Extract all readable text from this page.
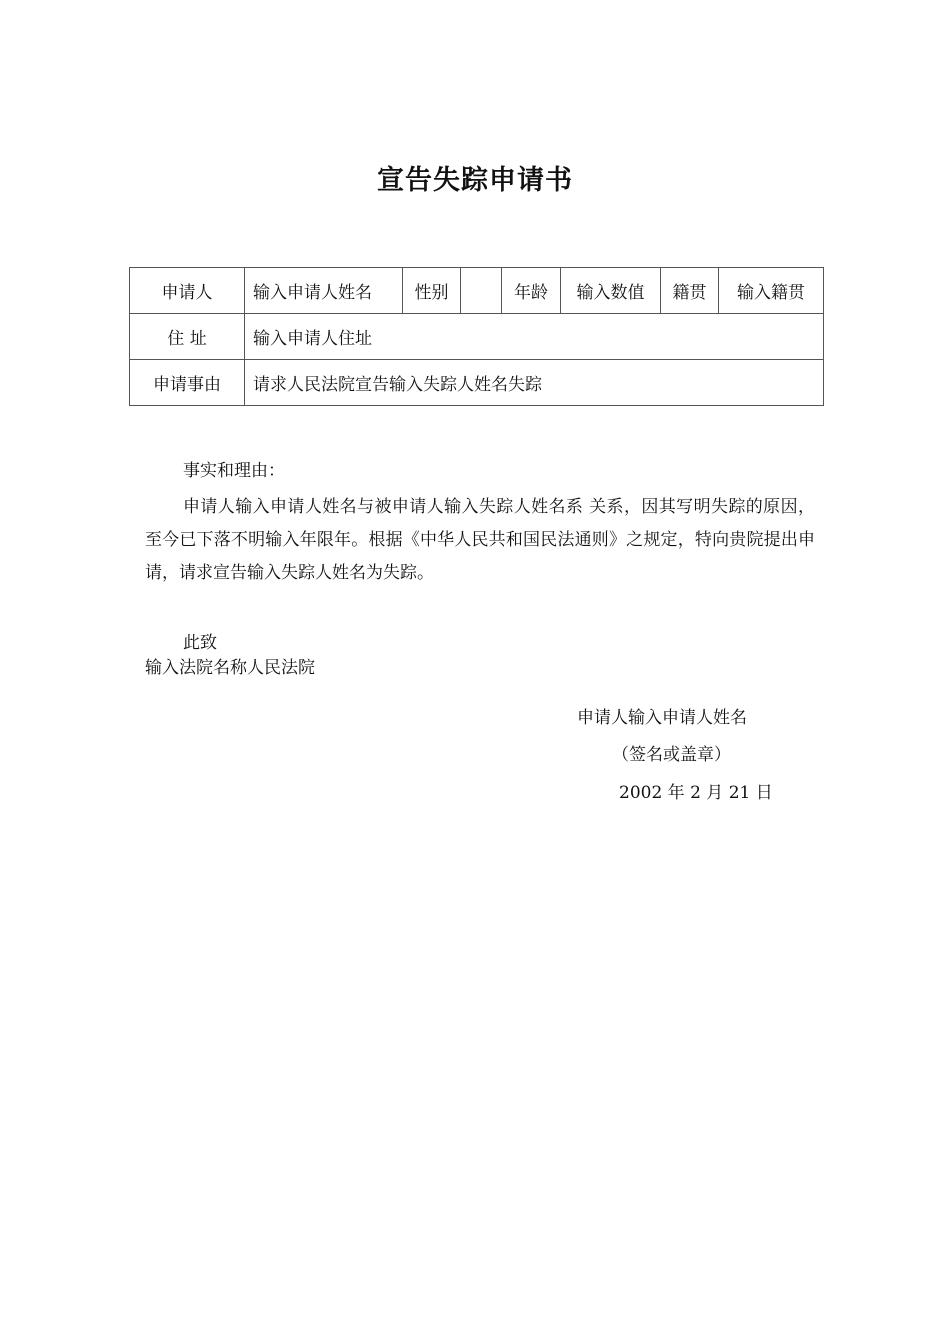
宣告失踪申请书
申请人	输入申请人姓名	性别		年龄	输入数值	籍贯	输入籍贯
住 址	输入申请人住址						
申请事由	请求人民法院宣告输入失踪人姓名失踪						
事实和理由：
申请人输入申请人姓名与被申请人输入失踪人姓名系 关系，因其写明失踪的原因，至今已下落不明输入年限年。根据《中华人民共和国民法通则》之规定，特向贵院提出申请，请求宣告输入失踪人姓名为失踪。
此致
输入法院名称人民法院
申请人输入申请人姓名
（签名或盖章）
2002 年 2 月 21 日
